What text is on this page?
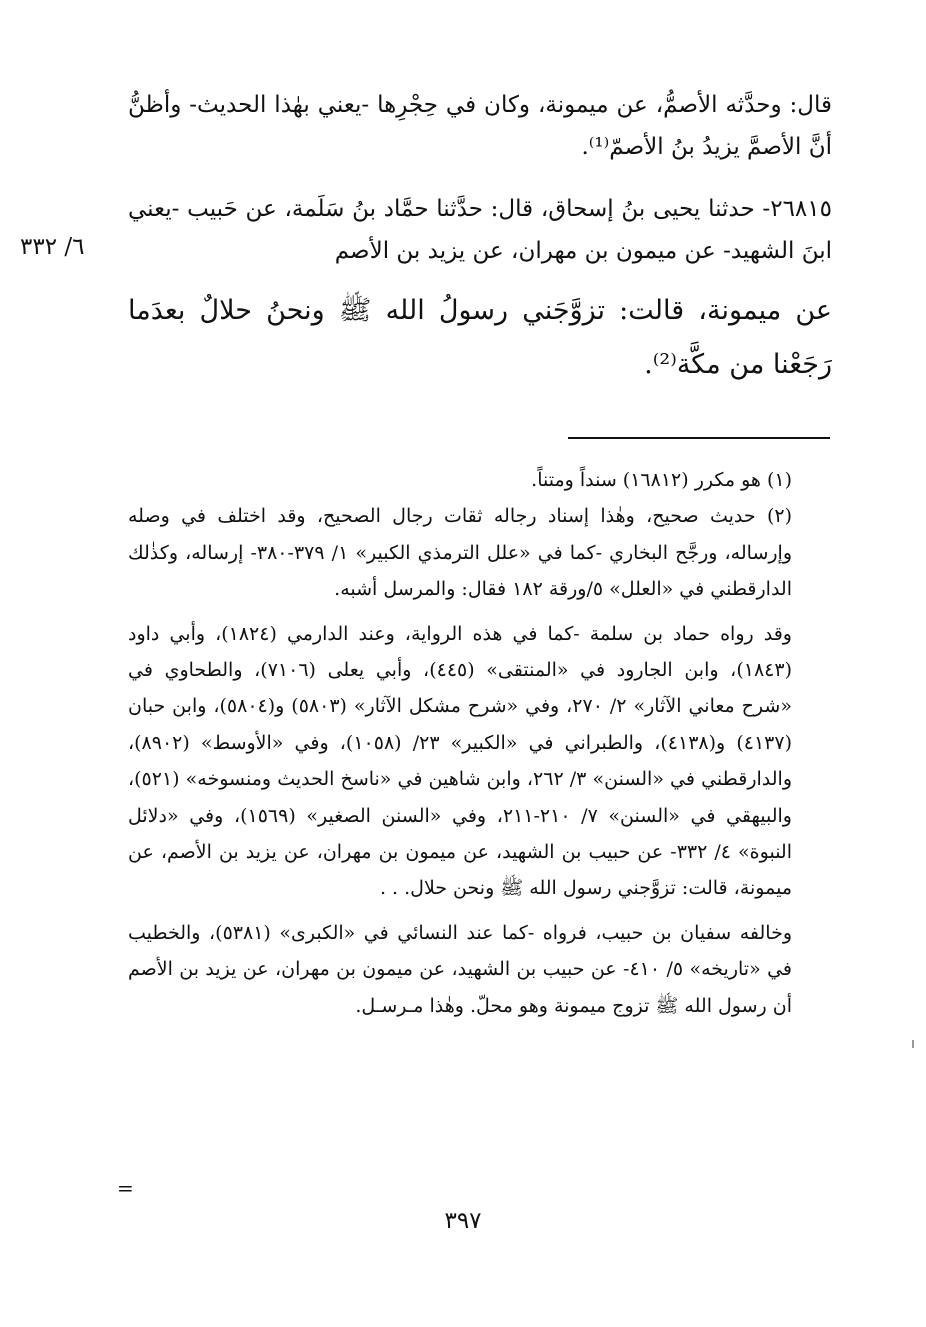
قال: وحدَّثه الأصمُّ، عن ميمونة، وكان في حِجْرِها -يعني بهٰذا الحديث- وأظنُّ أنَّ الأصمَّ يزيدُ بنُ الأصمّ⁽¹⁾.

٢٦٨١٥- حدثنا يحيى بنُ إسحاق، قال: حدَّثنا حمَّاد بنُ سَلَمة، عن حَبيب -يعني ابنَ الشهيد- عن ميمون بن مهران، عن يزيد بن الأصم

٦/ ٣٣٢

عن ميمونة، قالت: تزوَّجَني رسولُ الله ﷺ ونحنُ حلالٌ بعدَما رَجَعْنا من مكَّة⁽²⁾.

(١) هو مكرر (١٦٨١٢) سنداً ومتناً.

(٢) حديث صحيح، وهٰذا إسناد رجاله ثقات رجال الصحيح، وقد اختلف في وصله وإرساله، ورجَّح البخاري -كما في «علل الترمذي الكبير» ١/ ٣٧٩-٣٨٠- إرساله، وكذٰلك الدارقطني في «العلل» ٥/ورقة ١٨٢ فقال: والمرسل أشبه.

وقد رواه حماد بن سلمة -كما في هذه الرواية، وعند الدارمي (١٨٢٤)، وأبي داود (١٨٤٣)، وابن الجارود في «المنتقى» (٤٤٥)، وأبي يعلى (٧١٠٦)، والطحاوي في «شرح معاني الآثار» ٢/ ٢٧٠، وفي «شرح مشكل الآثار» (٥٨٠٣) و(٥٨٠٤)، وابن حبان (٤١٣٧) و(٤١٣٨)، والطبراني في «الكبير» ٢٣/ (١٠٥٨)، وفي «الأوسط» (٨٩٠٢)، والدارقطني في «السنن» ٣/ ٢٦٢، وابن شاهين في «ناسخ الحديث ومنسوخه» (٥٢١)، والبيهقي في «السنن» ٧/ ٢١٠-٢١١، وفي «السنن الصغير» (١٥٦٩)، وفي «دلائل النبوة» ٤/ ٣٣٢- عن حبيب بن الشهيد، عن ميمون بن مهران، عن يزيد بن الأصم، عن ميمونة، قالت: تزوَّجني رسول الله ﷺ ونحن حلال. . .

وخالفه سفيان بن حبيب، فرواه -كما عند النسائي في «الكبرى» (٥٣٨١)، والخطيب في «تاريخه» ٥/ ٤١٠- عن حبيب بن الشهيد، عن ميمون بن مهران، عن يزيد بن الأصم أن رسول الله ﷺ تزوج ميمونة وهو محلّ. وهٰذا مـرسـل.

=
٣٩٧
